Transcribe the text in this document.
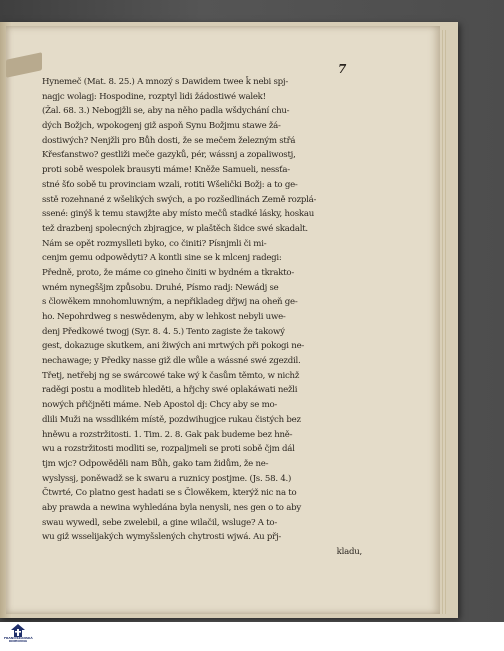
7
Hynemeč (Mat. 8. 25.) A mnozý s Dawidem twee ǩ nebi spj-
nagjc wolagj: Hospodine, rozptyl lidi žádostiwé walek!
(Žal. 68. 3.) Nebogjžli se, aby na něho padla wšdychání chu-
dých Božjch, wpokogenj giž aspoň Synu Božjmu stawe žá-
dostiwých? Nenjžli pro Bůh dosti, že se mečem železným střá
Křesťanstwo? gestliži meče gazyků, pér, wássnj a zopaliwostj,
proti sobě wespolek brausyti máme! Kněže Samueli, nessťa-
stné šťo sobě tu provinciam wzali, rotiti Wšelički Božj: a to ge-
sstě rozehnané z wšelikých swých, a po rozšedlinách Země rozplá-
ssené: ginýš k temu stawjžte aby místo mečů stadké lásky, hoskau
tež drazbenj spolecných zbjragjce, w plaštěch šidce swé skadalt.
Nám se opět rozmyslleti byko, co činiti? Písnjmli či mi-
cenjm gemu odpowědyti? A kontli sine se k mlcenj radegi:
Předně, proto, že máme co gineho činiti w bydném a tkrakto-
wném nynegššjm způsobu. Druhé, Písmo radj: Newádj se
s člowěkem mnohomluwným, a nepřikladeg dřjwj na oheň ge-
ho. Nepohrdweg s neswědenym, aby w lehkost nebyli uwe-
denj Předkowé twogj (Syr. 8. 4. 5.) Tento zagiste že takowý
gest, dokazuge skutkem, ani žiwých ani mrtwých při pokogi ne-
nechawage; y Předky nasse giž dle wůle a wássné swé zgezdil.
Třetj, netřebj ng se swárcowé take wý k časům těmto, w nichž
raděgi postu a modliteb hleděti, a hřjchy swé oplakáwati nežli
nowých přičjněti máme. Neb Apostol dj: Chcy aby se mo-
dlili Muži na wssdlikém místě, pozdwihugjce rukau čistých bez
hněwu a rozstržitosti. 1. Tim. 2. 8. Gak pak budeme bez hně-
wu a rozstržitosti modliti se, rozpaljmeli se proti sobě čjm dál
tjm wjc? Odpowěděli nam Bůh, gako tam židům, že ne-
wyslyssj, poněwadž se k swaru a ruznicy postjme. (Js. 58. 4.)
Čtwrté, Co platno gest hadati se s Člowěkem, kterýž nic na to
aby prawda a newina wyhledána byla nenysli, nes gen o to aby
swau wywedl, sebe zwelebil, a gine wilačil, wsluge? A to-
wu giž wsselijakých wymyšslených chytrosti wjwá. Au přj-
kladu,
FRANCISKANSKÁ
KNIHOVNA
